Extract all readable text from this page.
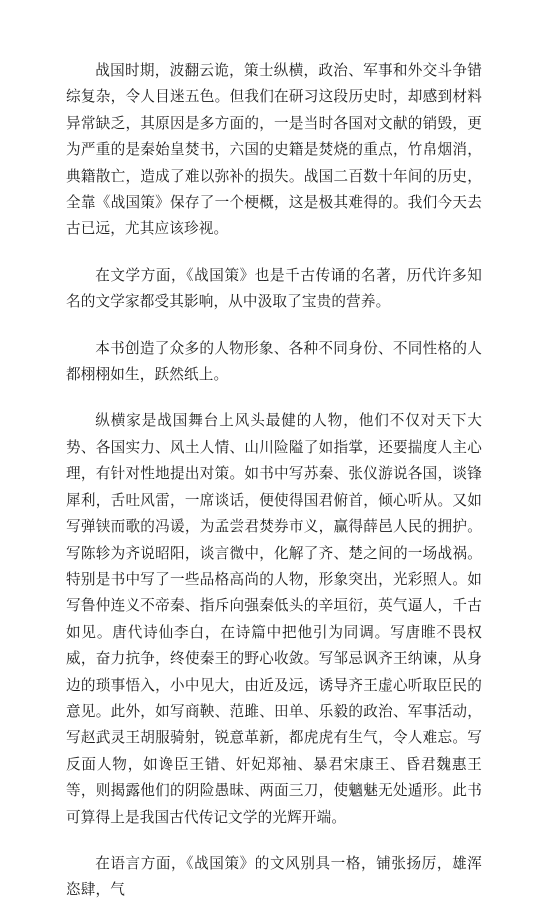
战国时期，波翻云诡，策士纵横，政治、军事和外交斗争错综复杂，令人目迷五色。但我们在研习这段历史时，却感到材料异常缺乏，其原因是多方面的，一是当时各国对文献的销毁，更为严重的是秦始皇焚书，六国的史籍是焚烧的重点，竹帛烟消，典籍散亡，造成了难以弥补的损失。战国二百数十年间的历史，全靠《战国策》保存了一个梗概，这是极其难得的。我们今天去古已远，尤其应该珍视。

在文学方面，《战国策》也是千古传诵的名著，历代许多知名的文学家都受其影响，从中汲取了宝贵的营养。

本书创造了众多的人物形象、各种不同身份、不同性格的人都栩栩如生，跃然纸上。

纵横家是战国舞台上风头最健的人物，他们不仅对天下大势、各国实力、风土人情、山川险隘了如指掌，还要揣度人主心理，有针对性地提出对策。如书中写苏秦、张仪游说各国，谈锋犀利，舌吐风雷，一席谈话，便使得国君俯首，倾心听从。又如写弹铗而歌的冯谖，为孟尝君焚券市义，赢得薛邑人民的拥护。写陈轸为齐说昭阳，谈言微中，化解了齐、楚之间的一场战祸。特别是书中写了一些品格高尚的人物，形象突出，光彩照人。如写鲁仲连义不帝秦、指斥向强秦低头的辛垣衍，英气逼人，千古如见。唐代诗仙李白，在诗篇中把他引为同调。写唐睢不畏权威，奋力抗争，终使秦王的野心收敛。写邹忌讽齐王纳谏，从身边的琐事悟入，小中见大，由近及远，诱导齐王虚心听取臣民的意见。此外，如写商鞅、范雎、田单、乐毅的政治、军事活动，写赵武灵王胡服骑射，锐意革新，都虎虎有生气，令人难忘。写反面人物，如谗臣王错、奸妃郑袖、暴君宋康王、昏君魏惠王等，则揭露他们的阴险愚昧、两面三刀，使魑魅无处遁形。此书可算得上是我国古代传记文学的光辉开端。

在语言方面，《战国策》的文风别具一格，铺张扬厉，雄浑恣肆，气
